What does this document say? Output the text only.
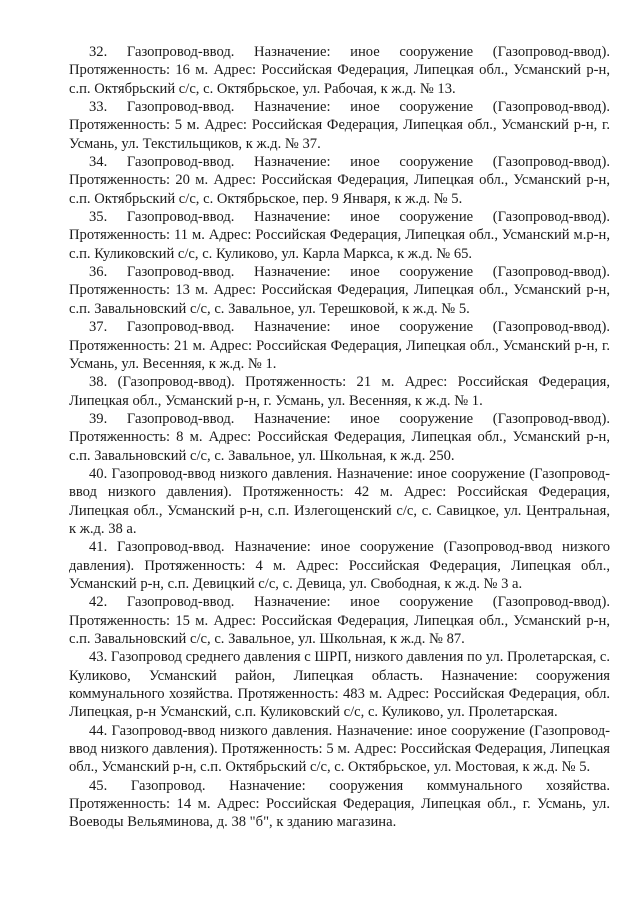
32. Газопровод-ввод. Назначение: иное сооружение (Газопровод-ввод). Протяженность: 16 м. Адрес: Российская Федерация, Липецкая обл., Усманский р-н, с.п. Октябрьский с/с, с. Октябрьское, ул. Рабочая, к ж.д. № 13.

33. Газопровод-ввод. Назначение: иное сооружение (Газопровод-ввод). Протяженность: 5 м. Адрес: Российская Федерация, Липецкая обл., Усманский р-н, г. Усмань, ул. Текстильщиков, к ж.д. № 37.

34. Газопровод-ввод. Назначение: иное сооружение (Газопровод-ввод). Протяженность: 20 м. Адрес: Российская Федерация, Липецкая обл., Усманский р-н, с.п. Октябрьский с/с, с. Октябрьское, пер. 9 Января, к ж.д. № 5.

35. Газопровод-ввод. Назначение: иное сооружение (Газопровод-ввод). Протяженность: 11 м. Адрес: Российская Федерация, Липецкая обл., Усманский м.р-н, с.п. Куликовский с/с, с. Куликово, ул. Карла Маркса, к ж.д. № 65.

36. Газопровод-ввод. Назначение: иное сооружение (Газопровод-ввод). Протяженность: 13 м. Адрес: Российская Федерация, Липецкая обл., Усманский р-н, с.п. Завальновский с/с, с. Завальное, ул. Терешковой, к ж.д. № 5.

37. Газопровод-ввод. Назначение: иное сооружение (Газопровод-ввод). Протяженность: 21 м. Адрес: Российская Федерация, Липецкая обл., Усманский р-н, г. Усмань, ул. Весенняя, к ж.д. № 1.

38. (Газопровод-ввод). Протяженность: 21 м. Адрес: Российская Федерация, Липецкая обл., Усманский р-н, г. Усмань, ул. Весенняя, к ж.д. № 1.

39. Газопровод-ввод. Назначение: иное сооружение (Газопровод-ввод). Протяженность: 8 м. Адрес: Российская Федерация, Липецкая обл., Усманский р-н, с.п. Завальновский с/с, с. Завальное, ул. Школьная, к ж.д. 250.

40. Газопровод-ввод низкого давления. Назначение: иное сооружение (Газопровод-ввод низкого давления). Протяженность: 42 м. Адрес: Российская Федерация, Липецкая обл., Усманский р-н, с.п. Излегощенский с/с, с. Савицкое, ул. Центральная, к ж.д. 38 а.

41. Газопровод-ввод. Назначение: иное сооружение (Газопровод-ввод низкого давления). Протяженность: 4 м. Адрес: Российская Федерация, Липецкая обл., Усманский р-н, с.п. Девицкий с/с, с. Девица, ул. Свободная, к ж.д. № 3 а.

42. Газопровод-ввод. Назначение: иное сооружение (Газопровод-ввод). Протяженность: 15 м. Адрес: Российская Федерация, Липецкая обл., Усманский р-н, с.п. Завальновский с/с, с. Завальное, ул. Школьная, к ж.д. № 87.

43. Газопровод среднего давления с ШРП, низкого давления по ул. Пролетарская, с. Куликово, Усманский район, Липецкая область. Назначение: сооружения коммунального хозяйства. Протяженность: 483 м. Адрес: Российская Федерация, обл. Липецкая, р-н Усманский, с.п. Куликовский с/с, с. Куликово, ул. Пролетарская.

44. Газопровод-ввод низкого давления. Назначение: иное сооружение (Газопровод-ввод низкого давления). Протяженность: 5 м. Адрес: Российская Федерация, Липецкая обл., Усманский р-н, с.п. Октябрьский с/с, с. Октябрьское, ул. Мостовая, к ж.д. № 5.

45. Газопровод. Назначение: сооружения коммунального хозяйства. Протяженность: 14 м. Адрес: Российская Федерация, Липецкая обл., г. Усмань, ул. Воеводы Вельяминова, д. 38 "б", к зданию магазина.
